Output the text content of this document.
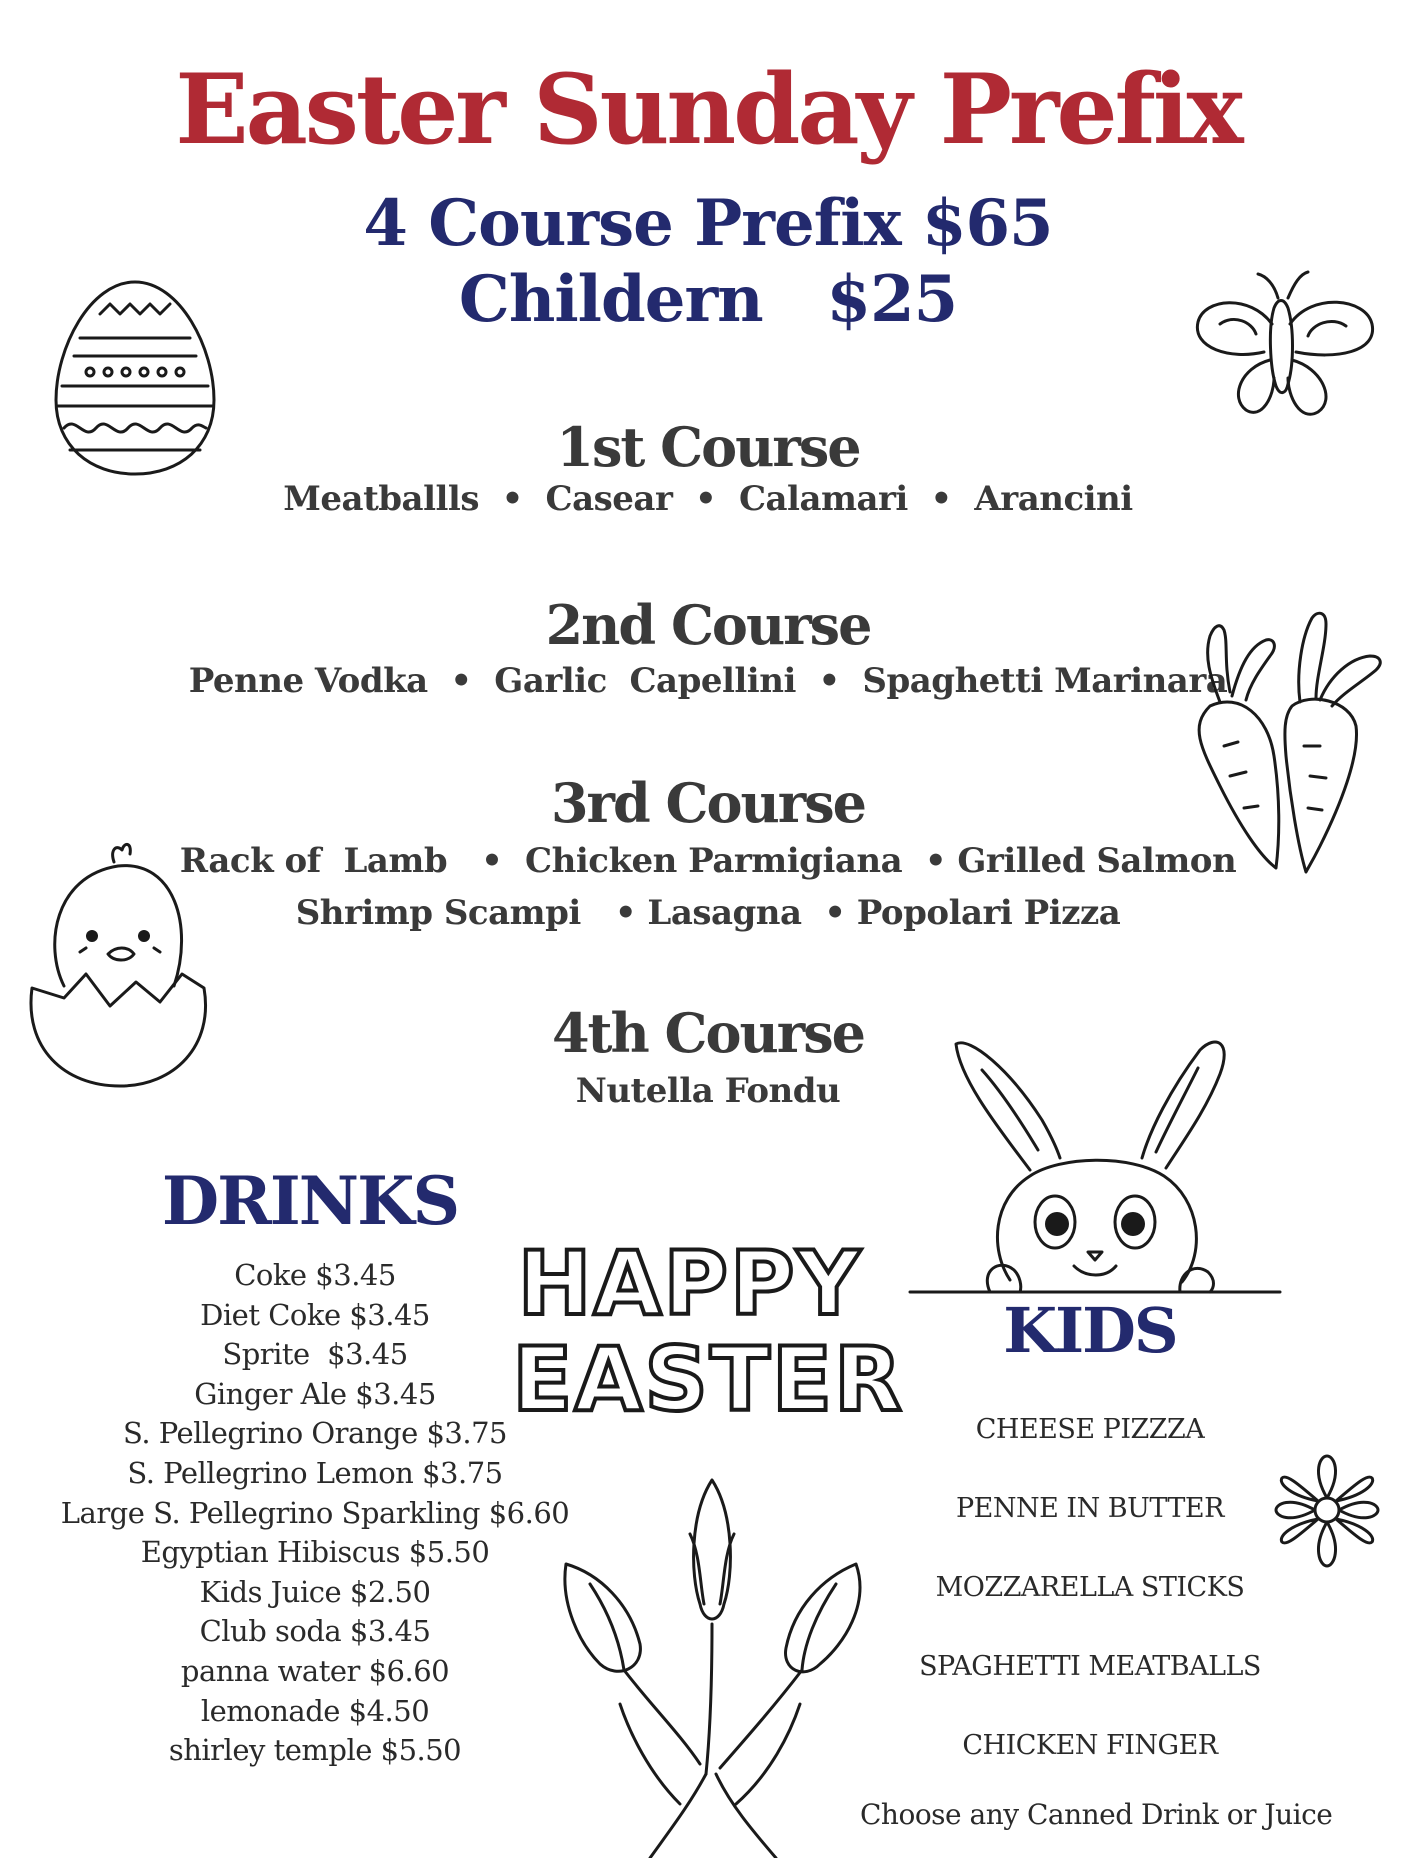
Easter Sunday Prefix
4 Course Prefix $65
Childern   $25
1st Course
Meatballls  •  Casear  •  Calamari  •  Arancini
2nd Course
Penne Vodka  •  Garlic  Capellini  •  Spaghetti Marinara
3rd Course
Rack of  Lamb   •  Chicken Parmigiana  • Grilled Salmon
Shrimp Scampi   • Lasagna  • Popolari Pizza
4th Course
Nutella Fondu
DRINKS
Coke $3.45
Diet Coke $3.45
Sprite  $3.45
Ginger Ale $3.45
S. Pellegrino Orange $3.75
S. Pellegrino Lemon $3.75
Large S. Pellegrino Sparkling $6.60
Egyptian Hibiscus $5.50
Kids Juice $2.50
Club soda $3.45
panna water $6.60
lemonade $4.50
shirley temple $5.50
KIDS
CHEESE PIZZZA
PENNE IN BUTTER
MOZZARELLA STICKS
SPAGHETTI MEATBALLS
CHICKEN FINGER
Choose any Canned Drink or Juice
HAPPY
EASTER
